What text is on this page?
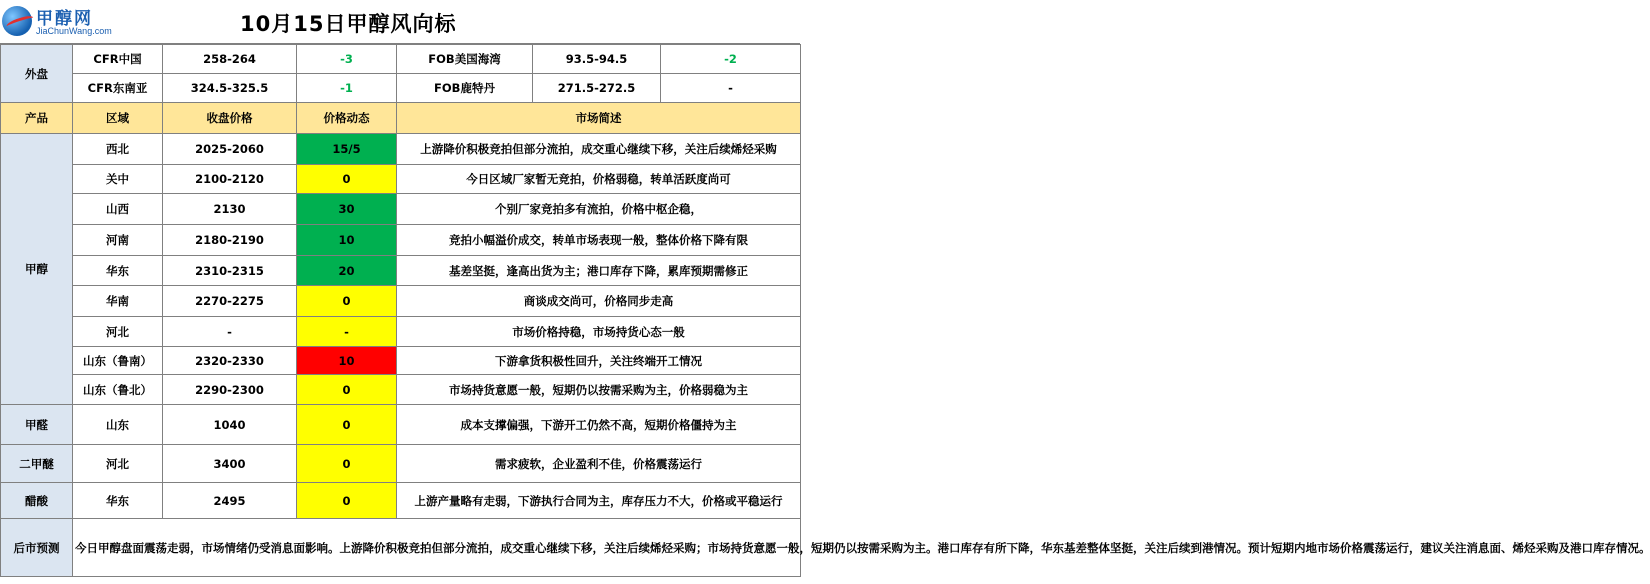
甲醇网
JiaChunWang.com	10月15日甲醇风向标
外盘	CFR中国	258-264	-3	FOB美国海湾	93.5-94.5	-2
	CFR东南亚	324.5-325.5	-1	FOB鹿特丹	271.5-272.5	-
产品	区域	收盘价格	价格动态	市场简述		
甲醇	西北	2025-2060	15/5	上游降价积极竞拍但部分流拍，成交重心继续下移，关注后续烯烃采购		
	关中	2100-2120	0	今日区域厂家暂无竞拍，价格弱稳，转单活跃度尚可		
	山西	2130	30	个别厂家竞拍多有流拍，价格中枢企稳，		
	河南	2180-2190	10	竞拍小幅溢价成交，转单市场表现一般，整体价格下降有限		
	华东	2310-2315	20	基差坚挺，逢高出货为主；港口库存下降，累库预期需修正		
	华南	2270-2275	0	商谈成交尚可，价格同步走高		
	河北	-	-	市场价格持稳，市场持货心态一般		
	山东（鲁南）	2320-2330	10	下游拿货积极性回升，关注终端开工情况		
	山东（鲁北）	2290-2300	0	市场持货意愿一般，短期仍以按需采购为主，价格弱稳为主		
甲醛	山东	1040	0	成本支撑偏强，下游开工仍然不高，短期价格僵持为主		
二甲醚	河北	3400	0	需求疲软，企业盈利不佳，价格震荡运行		
醋酸	华东	2495	0	上游产量略有走弱，下游执行合同为主，库存压力不大，价格或平稳运行		
后市预测	今日甲醇盘面震荡走弱，市场情绪仍受消息面影响。上游降价积极竞拍但部分流拍，成交重心继续下移，关注后续烯烃采购；市场持货意愿一般，短期仍以按需采购为主。港口库存有所下降，华东基差整体坚挺，关注后续到港情况。预计短期内地市场价格震荡运行，建议关注消息面、烯烃采购及港口库存情况。					
